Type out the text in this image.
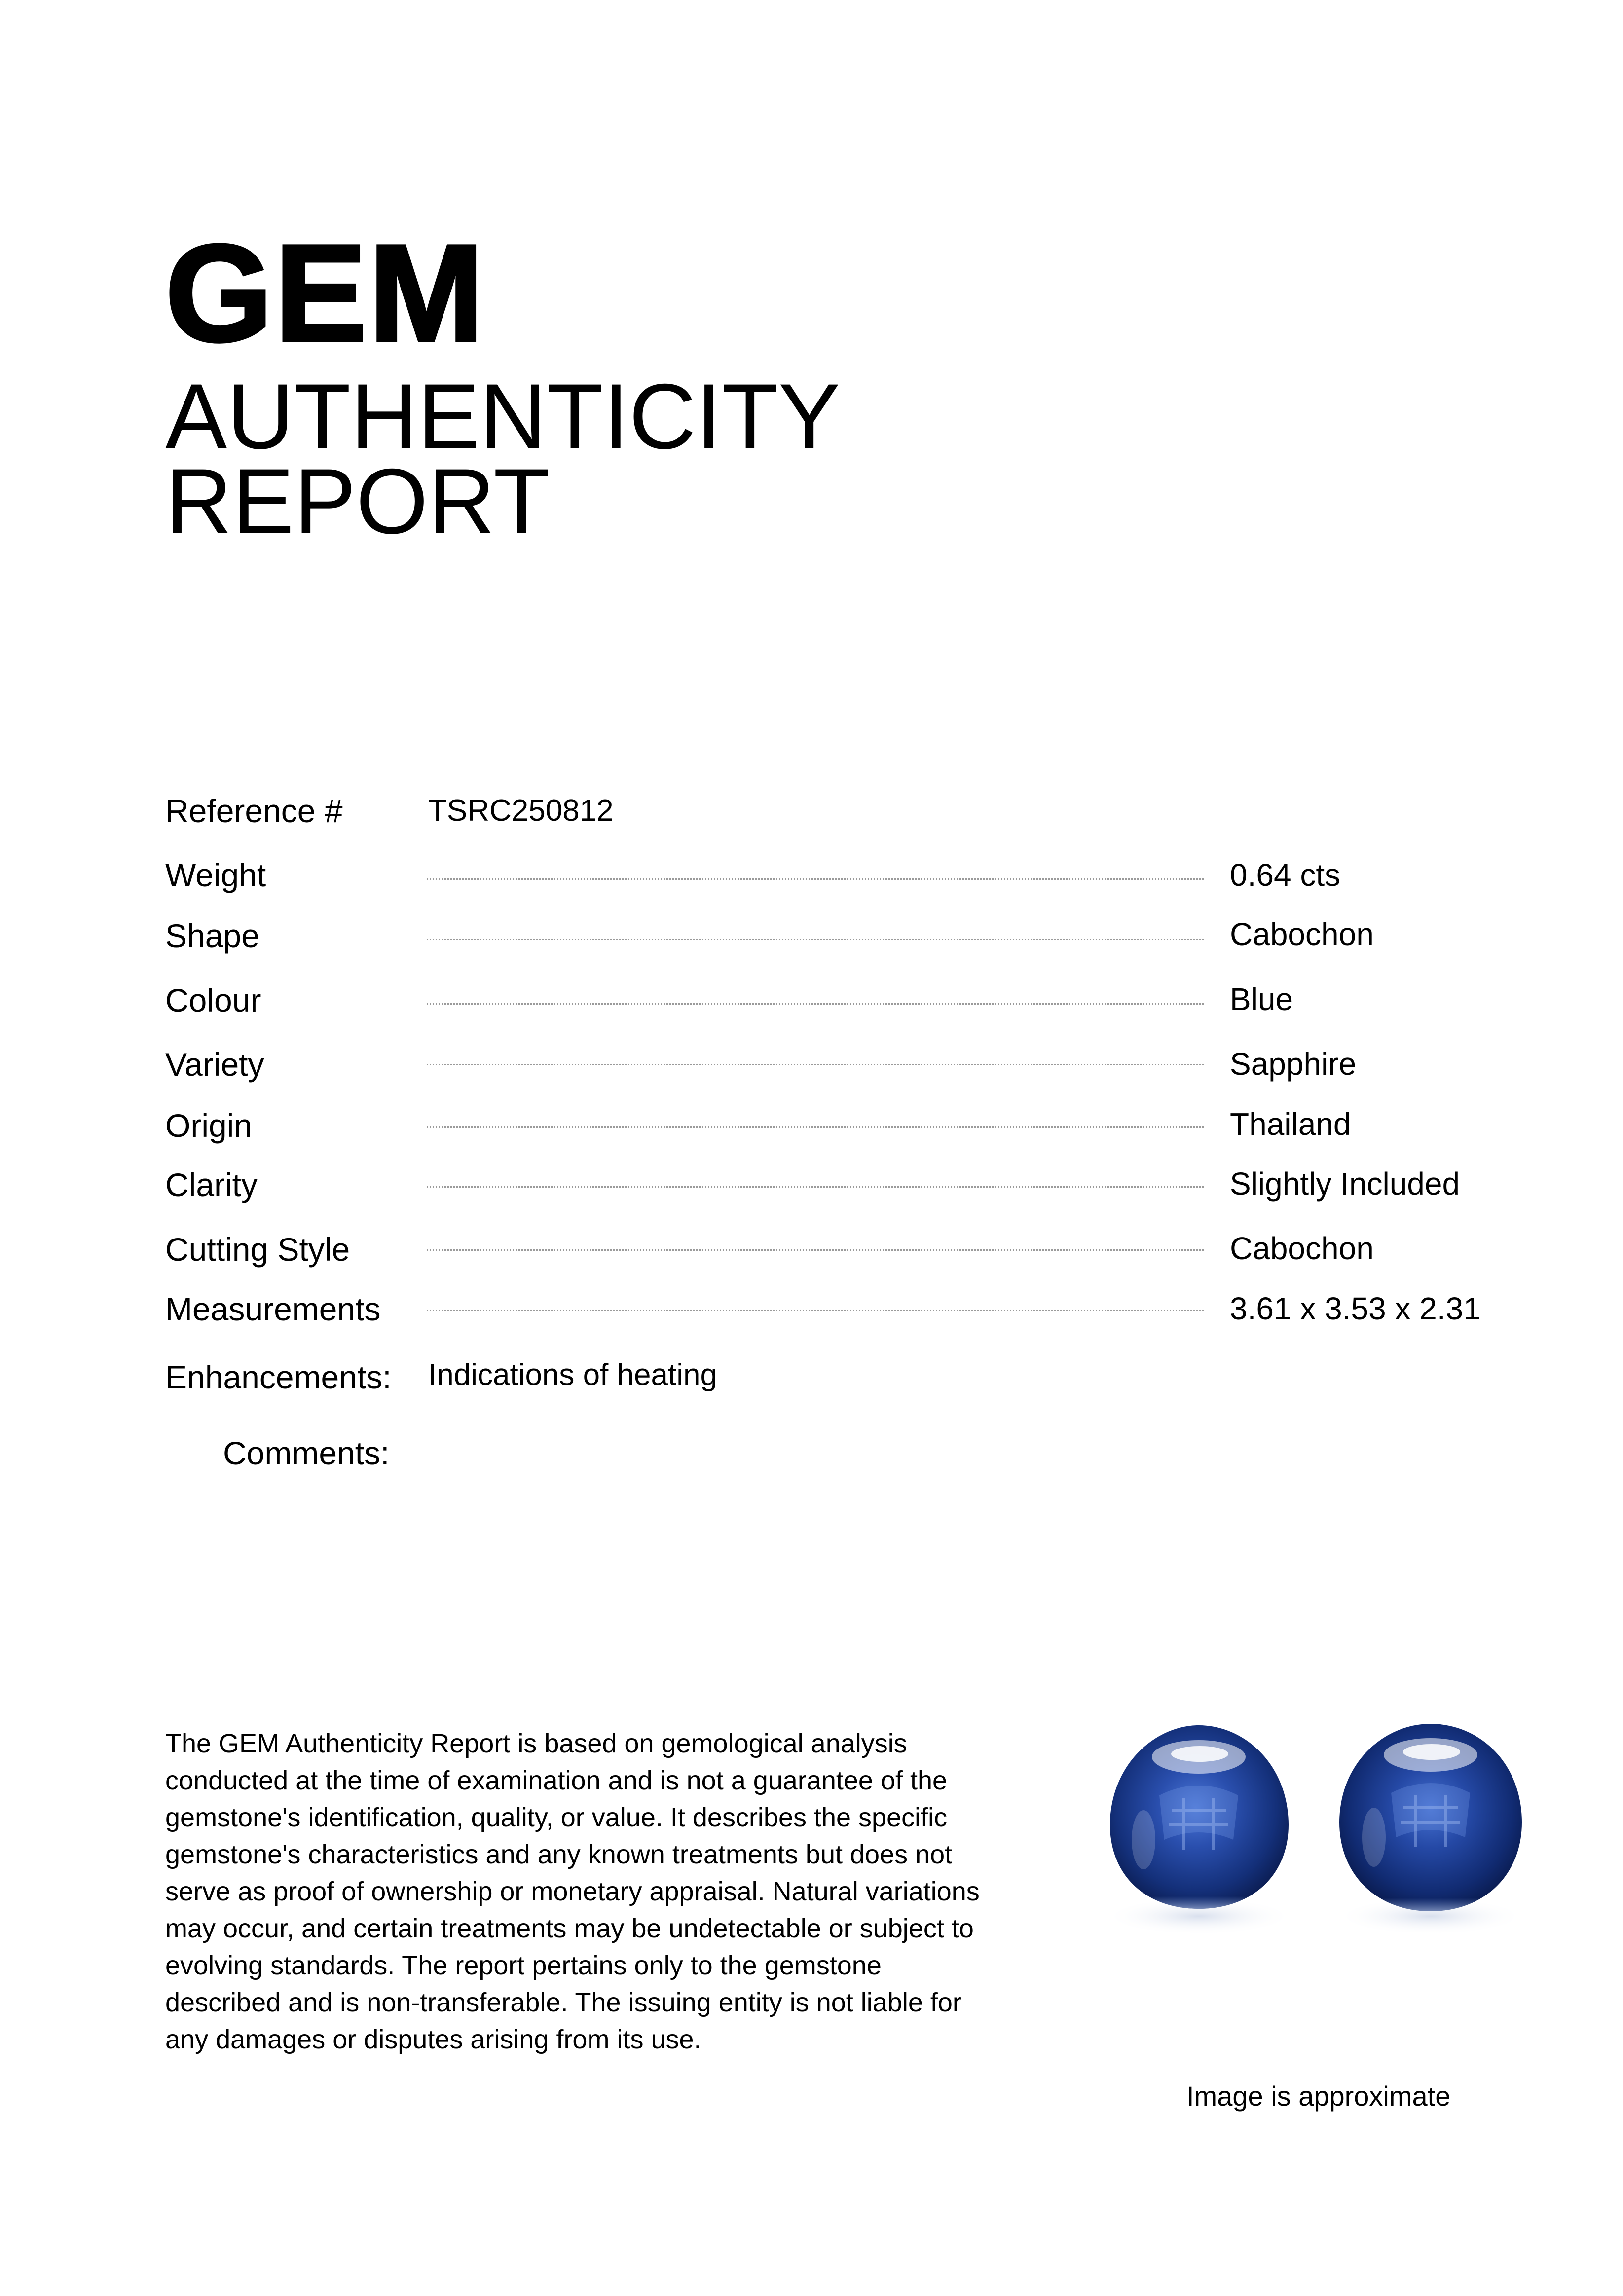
GEM
AUTHENTICITY
REPORT
Reference #	TSRC250812
Weight	0.64 cts
Shape	Cabochon
Colour	Blue
Variety	Sapphire
Origin	Thailand
Clarity	Slightly Included
Cutting Style	Cabochon
Measurements	3.61 x 3.53 x 2.31
Enhancements: Indications of heating
Comments:
The GEM Authenticity Report is based on gemological analysis conducted at the time of examination and is not a guarantee of the gemstone's identification, quality, or value. It describes the specific gemstone's characteristics and any known treatments but does not serve as proof of ownership or monetary appraisal. Natural variations may occur, and certain treatments may be undetectable or subject to evolving standards. The report pertains only to the gemstone described and is non-transferable. The issuing entity is not liable for any damages or disputes arising from its use.
Image is approximate
